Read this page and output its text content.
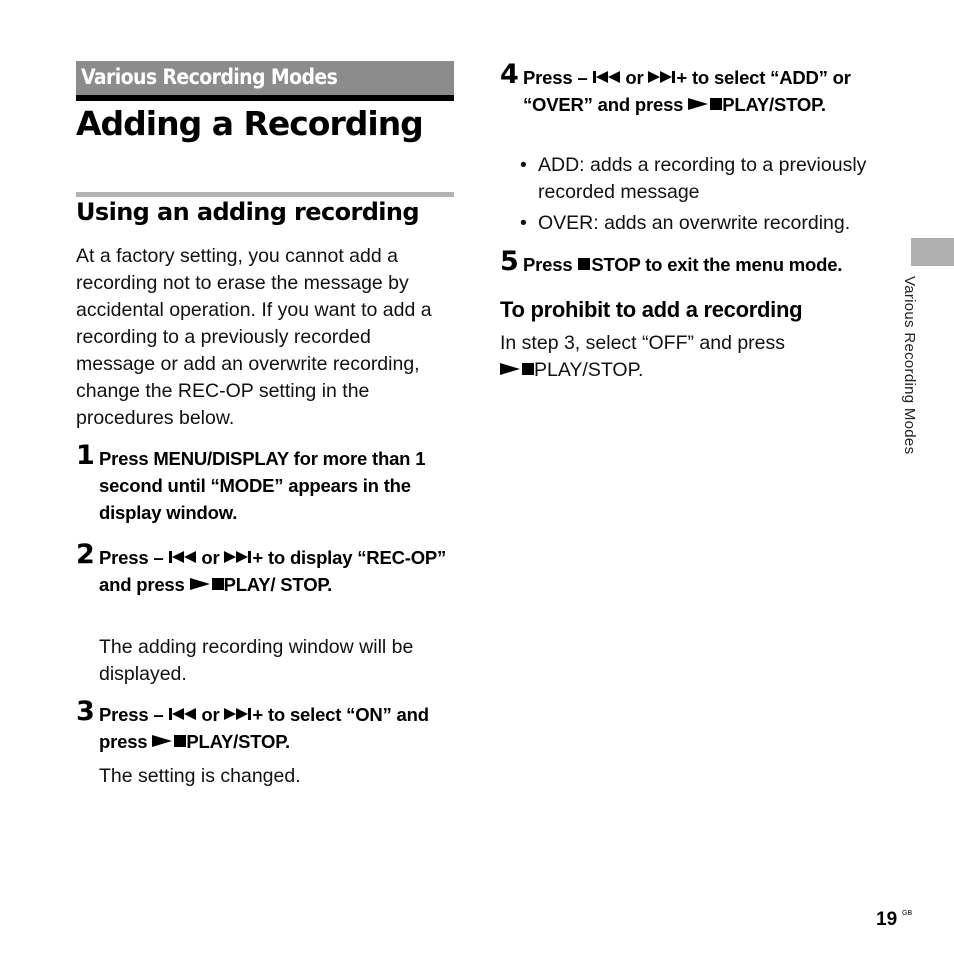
Various Recording Modes
Adding a Recording
Using an adding recording
At a factory setting, you cannot add a recording not to erase the message by accidental operation. If you want to add a recording to a previously recorded message or add an overwrite recording, change the REC-OP setting in the procedures below.
1 Press MENU/DISPLAY for more than 1 second until “MODE” appears in the display window.
2 Press – or + to display “REC-OP” and press PLAY/ STOP.
The adding recording window will be displayed.
3 Press – or + to select “ON” and press PLAY/STOP.
The setting is changed.
4 Press – or + to select “ADD” or “OVER” and press PLAY/STOP.
• ADD: adds a recording to a previously recorded message
• OVER: adds an overwrite recording.
5 Press STOP to exit the menu mode.
To prohibit to add a recording
In step 3, select “OFF” and press
PLAY/STOP.	Various Recording Modes
19 GB
